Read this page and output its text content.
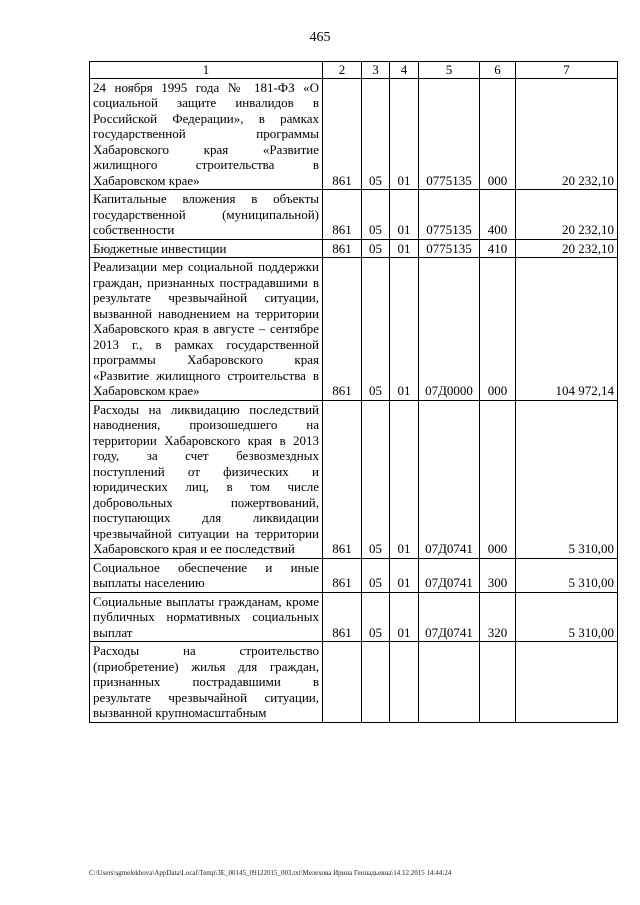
465
1	2	3	4	5	6	7
24 ноября 1995 года № 181-ФЗ «О социальной защите инвалидов в Российской Федерации», в рамках государственной программы Хабаровского края «Развитие жилищного строительства в Хабаровском крае»	861	05	01	0775135	000	20 232,10
Капитальные вложения в объекты государственной (муниципальной) собственности	861	05	01	0775135	400	20 232,10
Бюджетные инвестиции	861	05	01	0775135	410	20 232,10
Реализации мер социальной поддержки граждан, признанных пострадавшими в результате чрезвычайной ситуации, вызванной наводнением на территории Хабаровского края в августе – сентябре 2013 г., в рамках государственной программы Хабаровского края «Развитие жилищного строительства в Хабаровском крае»	861	05	01	07Д0000	000	104 972,14
Расходы на ликвидацию последствий наводнения, произошедшего на территории Хабаровского края в 2013 году, за счет безвозмездных поступлений от физических и юридических лиц, в том числе добровольных пожертвований, поступающих для ликвидации чрезвычайной ситуации на территории Хабаровского края и ее последствий	861	05	01	07Д0741	000	5 310,00
Социальное обеспечение и иные выплаты населению	861	05	01	07Д0741	300	5 310,00
Социальные выплаты гражданам, кроме публичных нормативных социальных выплат	861	05	01	07Д0741	320	5 310,00
Расходы на строительство (приобретение) жилья для граждан, признанных пострадавшими в результате чрезвычайной ситуации, вызванной крупномасштабным						
C:\Users\sgmelekhova\AppData\Local\Temp\3E_00145_09122015_003.txt\Мелехова Ирина Геннадьевна\14.12.2015 14:44:24
